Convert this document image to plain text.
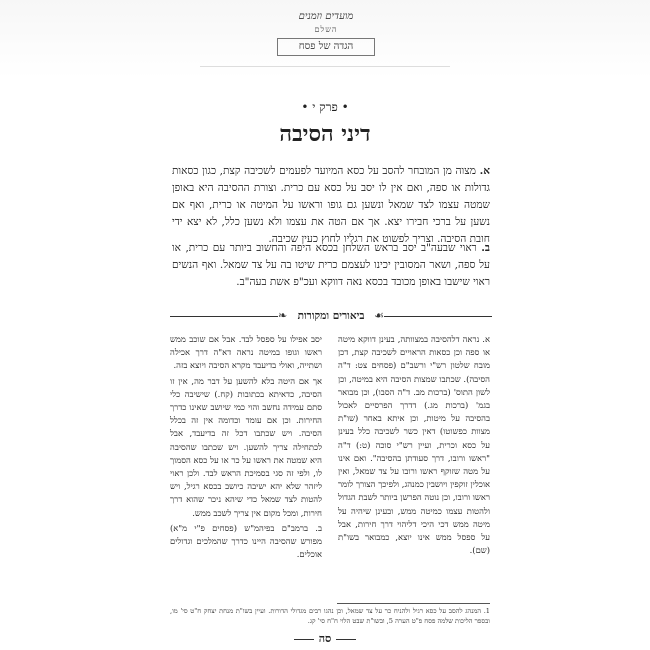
מועדים וזמנים
השלם
הגדה של פסח
• פרק י •
דיני הסיבה
א. מצוה מן המובחר להסב על כסא המיועד לפעמים לשכיבה קצת, כגון כסאות גדולות או ספה, ואם אין לו יסב על כסא עם כרית. וצורת ההסיבה היא באופן שמטה עצמו לצד שמאל ונשען גם גופו וראשו על המיטה או כרית, ואף אם נשען על ברכי חבירו יצא. אך אם הטה את עצמו ולא נשען כלל, לא יצא ידי חובת הסיבה. וצריך לפשוט את רגליו לחוץ כעין שכיבה.
ב. ראוי שבעה"ב יסב בראש השלחן בכסא היפה והחשוב ביותר עם כרית, או על ספה, ושאר המסובין יכינו לעצמם כרית שיטו בה על צד שמאל. ואף הנשים ראוי שישבו באופן מכובד בכסא נאה דווקא ועכ"פ אשת בעה"ב.
❧ ביאורים ומקורות ☙

א. נראה דלהסיבה במצוותה, בעינן דווקא מיטה או ספה וכן כסאות הראויים לשכיבה קצת, דכן מובח שלטון רש"י ורשב"ם (פסחים צט: ד"ה הסיבה). שכתבו שמצות הסיבה היא במיטה, וכן לשון התוס' (ברכות מב. ד"ה הסבו), וכן מבואר בגמ' (ברכות מג.) דדרך הפרסיים לאכול בהסיבה על מיטות, וכן איתא באחר (שו"ת מצוות כפשוטו) דאין כשר לשכיבה כלל בעינן על כסא וכרית, ועיין רש"י סוכה (ט:) ד"ה "ראשו ורובו, דרך סעודתן בהסיבה". ואם אינו על מטה שזוקף ראשו ורובו על צד שמאל, ואין אוכלין זוקפין ויושבין כמנהג, ולפיכך הצורך לומר ראשו ורובו, וכן נוטה הפרשן ביותר לשבת הגדול ולהטות עצמו כמיטה ממש, ובעינן שיהיה על מיטה ממש דכי היכי דליהוי דרך חירות, אבל על ספסל ממש אינו יוצא, כמבואר בשו"ת (שם).

יסב אפילו על ספסל לבד. אבל אם שוכב ממש ראשו וגופו במיטה נראה דא"ה דרך אכילה ושתייה, ואולי בדיעבד מקרא הסיבה ויוצא בזה.

אך אם היטה בלא להשען על דבר מה, אין זו הסיבה, כדאיתא בכתובות (קח.) שישיבה כלי סתם עמידה נחשב והוי כמי שיושב שאינו כדרך החירות. וכן אם עומד וכדומה אין זה בכלל הסיבה. ויש שכתבו דכל זה בדיעבד, אבל לכתחילה צריך להשען. ויש שכתבו שהסיבה היא שמטה את ראשו על כר או על כסא הסמוך לו, ולפי זה סגי בסמיכת הראש לבד. ולכן ראוי ליזהר שלא יהא ישיבה כיושב בכסא רגיל, ויש להטות לצד שמאל כדי שיהא ניכר שהוא דרך חירות, ומכל מקום אין צריך לשכב ממש.

ב. ברמב"ם בפיהמ"ש (פסחים פ"י מ"א) מפורש שהסיבה היינו כדרך שהמלכים וגדולים אוכלים.

1. המנהג להסב על כסא רגיל ולהניח כר על צד שמאל, וכן נהגו רבים מגדולי הדורות. ועיין בשו"ת מנחת יצחק ח"ט סי' מו, ובספר הליכות שלמה פסח פ"ט הערה 5, ובשו"ת שבט הלוי ח"ח סי' קג.
סה
